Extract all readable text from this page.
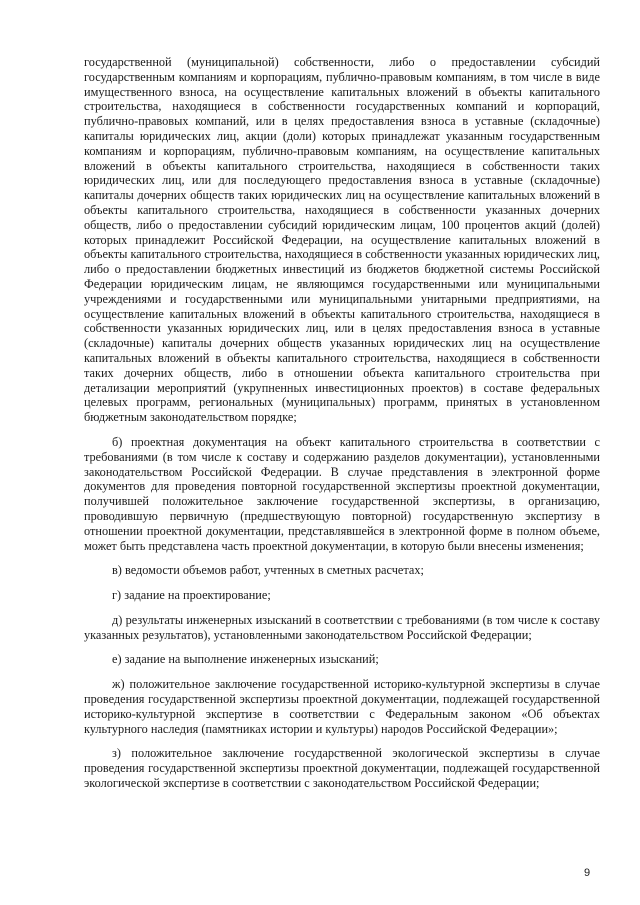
государственной (муниципальной) собственности, либо о предоставлении субсидий государственным компаниям и корпорациям, публично-правовым компаниям, в том числе в виде имущественного взноса, на осуществление капитальных вложений в объекты капитального строительства, находящиеся в собственности государственных компаний и корпораций, публично-правовых компаний, или в целях предоставления взноса в уставные (складочные) капиталы юридических лиц, акции (доли) которых принадлежат указанным государственным компаниям и корпорациям, публично-правовым компаниям, на осуществление капитальных вложений в объекты капитального строительства, находящиеся в собственности таких юридических лиц, или для последующего предоставления взноса в уставные (складочные) капиталы дочерних обществ таких юридических лиц на осуществление капитальных вложений в объекты капитального строительства, находящиеся в собственности указанных дочерних обществ, либо о предоставлении субсидий юридическим лицам, 100 процентов акций (долей) которых принадлежит Российской Федерации, на осуществление капитальных вложений в объекты капитального строительства, находящиеся в собственности указанных юридических лиц, либо о предоставлении бюджетных инвестиций из бюджетов бюджетной системы Российской Федерации юридическим лицам, не являющимся государственными или муниципальными учреждениями и государственными или муниципальными унитарными предприятиями, на осуществление капитальных вложений в объекты капитального строительства, находящиеся в собственности указанных юридических лиц, или в целях предоставления взноса в уставные (складочные) капиталы дочерних обществ указанных юридических лиц на осуществление капитальных вложений в объекты капитального строительства, находящиеся в собственности таких дочерних обществ, либо в отношении объекта капитального строительства при детализации мероприятий (укрупненных инвестиционных проектов) в составе федеральных целевых программ, региональных (муниципальных) программ, принятых в установленном бюджетным законодательством порядке;

б) проектная документация на объект капитального строительства в соответствии с требованиями (в том числе к составу и содержанию разделов документации), установленными законодательством Российской Федерации. В случае представления в электронной форме документов для проведения повторной государственной экспертизы проектной документации, получившей положительное заключение государственной экспертизы, в организацию, проводившую первичную (предшествующую повторной) государственную экспертизу в отношении проектной документации, представлявшейся в электронной форме в полном объеме, может быть представлена часть проектной документации, в которую были внесены изменения;

в) ведомости объемов работ, учтенных в сметных расчетах;

г) задание на проектирование;

д) результаты инженерных изысканий в соответствии с требованиями (в том числе к составу указанных результатов), установленными законодательством Российской Федерации;

е) задание на выполнение инженерных изысканий;

ж) положительное заключение государственной историко-культурной экспертизы в случае проведения государственной экспертизы проектной документации, подлежащей государственной историко-культурной экспертизе в соответствии с Федеральным законом «Об объектах культурного наследия (памятниках истории и культуры) народов Российской Федерации»;

з) положительное заключение государственной экологической экспертизы в случае проведения государственной экспертизы проектной документации, подлежащей государственной экологической экспертизе в соответствии с законодательством Российской Федерации;

9
